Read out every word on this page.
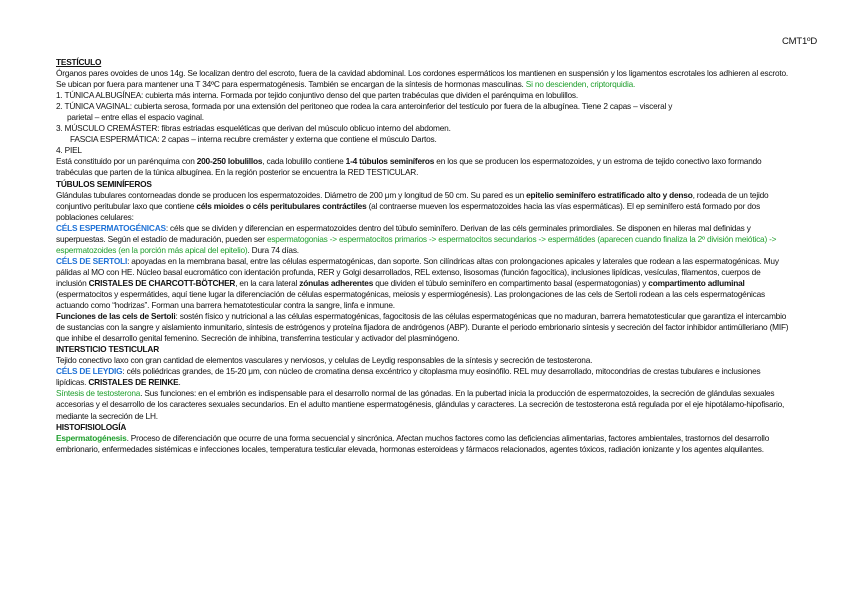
CMT1ºD

TESTÍCULO

Órganos pares ovoides de unos 14g. Se localizan dentro del escroto, fuera de la cavidad abdominal. Los cordones espermáticos los mantienen en suspensión y los ligamentos escrotales los adhieren al escroto. Se ubican por fuera para mantener una T 34ºC para espermatogénesis. También se encargan de la síntesis de hormonas masculinas. Si no descienden, criptorquidia.

1. TÚNICA ALBUGÍNEA: cubierta más interna. Formada por tejido conjuntivo denso del que parten trabéculas que dividen el parénquima en lobulillos.

2. TÚNICA VAGINAL: cubierta serosa, formada por una extensión del peritoneo que rodea la cara anteroinferior del testículo por fuera de la albugínea. Tiene 2 capas – visceral y

parietal – entre ellas el espacio vaginal.

3. MÚSCULO CREMÁSTER: fibras estriadas esqueléticas que derivan del músculo oblicuo interno del abdomen.

FASCIA ESPERMÁTICA: 2 capas – interna recubre cremáster y externa que contiene el músculo Dartos.

4. PIEL

Está constituido por un parénquima con 200-250 lobulillos, cada lobulillo contiene 1-4 túbulos seminíferos en los que se producen los espermatozoides, y un estroma de tejido conectivo laxo formando trabéculas que parten de la túnica albugínea. En la región posterior se encuentra la RED TESTICULAR.

TÚBULOS SEMINÍFEROS

Glándulas tubulares contorneadas donde se producen los espermatozoides. Diámetro de 200 μm y longitud de 50 cm. Su pared es un epitelio seminífero estratificado alto y denso, rodeada de un tejido conjuntivo peritubular laxo que contiene céls mioides o céls peritubulares contráctiles (al contraerse mueven los espermatozoides hacia las vías espermáticas). El ep seminífero está formado por dos poblaciones celulares:

CÉLS ESPERMATOGÉNICAS: céls que se dividen y diferencian en espermatozoides dentro del túbulo seminífero. Derivan de las céls germinales primordiales. Se disponen en hileras mal definidas y superpuestas. Según el estadío de maduración, pueden ser espermatogonias -> espermatocitos primarios -> espermatocitos secundarios -> espermátides (aparecen cuando finaliza la 2º división meiótica) -> espermatozoides (en la porción más apical del epitelio). Dura 74 días.

CÉLS DE SERTOLI: apoyadas en la membrana basal, entre las células espermatogénicas, dan soporte. Son cilíndricas altas con prolongaciones apicales y laterales que rodean a las espermatogénicas. Muy pálidas al MO con HE. Núcleo basal eucromático con identación profunda, RER y Golgi desarrollados, REL extenso, lisosomas (función fagocítica), inclusiones lipídicas, vesículas, filamentos, cuerpos de inclusión CRISTALES DE CHARCOTT-BÖTCHER, en la cara lateral zónulas adherentes que dividen el túbulo seminífero en compartimento basal (espermatogonias) y compartimento adluminal (espermatocitos y espermátides, aquí tiene lugar la diferenciación de células espermatogénicas, meiosis y espermiogénesis). Las prolongaciones de las cels de Sertoli rodean a las cels espermatogénicas actuando como “hodrizas”. Forman una barrera hematotesticular contra la sangre, linfa e inmune.

Funciones de las cels de Sertoli: sostén físico y nutricional a las células espermatogénicas, fagocitosis de las células espermatogénicas que no maduran, barrera hematotesticular que garantiza el intercambio de sustancias con la sangre y aislamiento inmunitario, síntesis de estrógenos y proteína fijadora de andrógenos (ABP). Durante el periodo embrionario síntesis y secreción del factor inhibidor antimülleriano (MIF) que inhibe el desarrollo genital femenino. Secreción de inhibina, transferrina testicular y activador del plasminógeno.

INTERSTICIO TESTICULAR

Tejido conectivo laxo con gran cantidad de elementos vasculares y nerviosos, y celulas de Leydig responsables de la síntesis y secreción de testosterona.

CÉLS DE LEYDIG: céls poliédricas grandes, de 15-20 μm, con núcleo de cromatina densa excéntrico y citoplasma muy eosinófilo. REL muy desarrollado, mitocondrias de crestas tubulares e inclusiones lipídicas. CRISTALES DE REINKE.

Síntesis de testosterona. Sus funciones: en el embrión es indispensable para el desarrollo normal de las gónadas. En la pubertad inicia la producción de espermatozoides, la secreción de glándulas sexuales accesorias y el desarrollo de los caracteres sexuales secundarios. En el adulto mantiene espermatogénesis, glándulas y caracteres. La secreción de testosterona está regulada por el eje hipotálamo-hipofisario, mediante la secreción de LH.

HISTOFISIOLOGÍA

Espermatogénesis. Proceso de diferenciación que ocurre de una forma secuencial y sincrónica. Afectan muchos factores como las deficiencias alimentarias, factores ambientales, trastornos del desarrollo embrionario, enfermedades sistémicas e infecciones locales, temperatura testicular elevada, hormonas esteroideas y fármacos relacionados, agentes tóxicos, radiación ionizante y los agentes alquilantes.
